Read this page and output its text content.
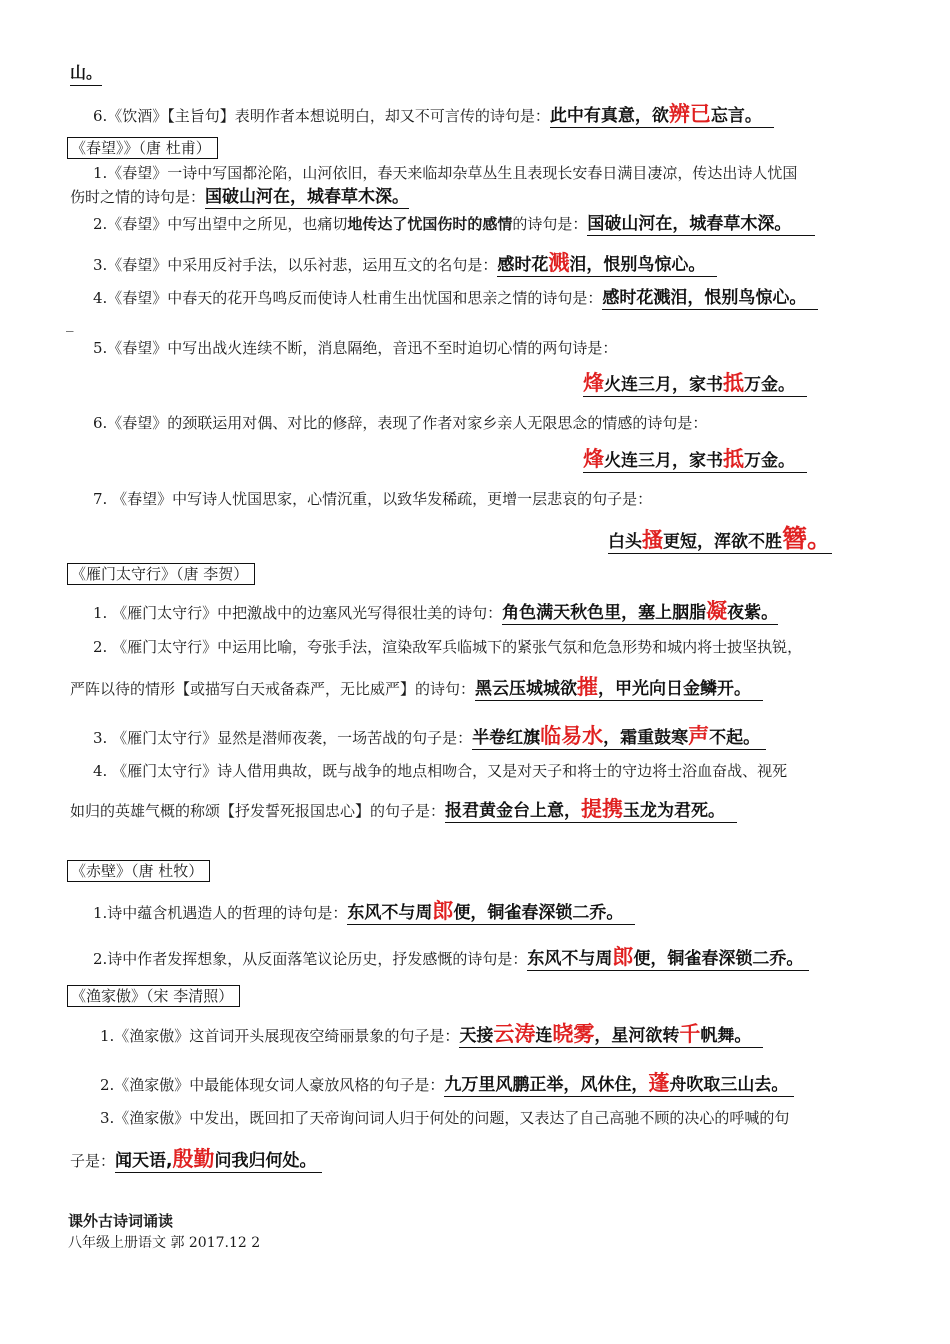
山。
6.《饮酒》【主旨句】表明作者本想说明白，却又不可言传的诗句是：此中有真意，欲辨已忘言。
《春望》》（唐 杜甫）
1.《春望》一诗中写国都沦陷，山河依旧，春天来临却杂草丛生且表现长安春日满目凄凉，传达出诗人忧国
伤时之情的诗句是：国破山河在，城春草木深。
2.《春望》中写出望中之所见，也痛切地传达了忧国伤时的感情的诗句是：国破山河在，城春草木深。
3.《春望》中采用反衬手法，以乐衬悲，运用互文的名句是：感时花溅泪，恨别鸟惊心。
4.《春望》中春天的花开鸟鸣反而使诗人杜甫生出忧国和思亲之情的诗句是：感时花溅泪，恨别鸟惊心。
_
5.《春望》中写出战火连续不断，消息隔绝，音迅不至时迫切心情的两句诗是：
烽火连三月，家书抵万金。
6.《春望》的颈联运用对偶、对比的修辞，表现了作者对家乡亲人无限思念的情感的诗句是：
烽火连三月，家书抵万金。
7. 《春望》中写诗人忧国思家，心情沉重，以致华发稀疏，更增一层悲哀的句子是：
白头搔更短，浑欲不胜簪。
《雁门太守行》（唐 李贺）
1. 《雁门太守行》中把激战中的边塞风光写得很壮美的诗句：角色满天秋色里，塞上胭脂凝夜紫。
2. 《雁门太守行》中运用比喻，夸张手法，渲染敌军兵临城下的紧张气氛和危急形势和城内将士披坚执锐，
严阵以待的情形【或描写白天戒备森严，无比威严】的诗句：黑云压城城欲摧，甲光向日金鳞开。
3. 《雁门太守行》显然是潜师夜袭，一场苦战的句子是：半卷红旗临易水，霜重鼓寒声不起。
4. 《雁门太守行》诗人借用典故，既与战争的地点相吻合，又是对天子和将士的守边将士浴血奋战、视死
如归的英雄气概的称颂【抒发誓死报国忠心】的句子是：报君黄金台上意，提携玉龙为君死。
《赤壁》（唐 杜牧）
1.诗中蕴含机遇造人的哲理的诗句是：东风不与周郎便，铜雀春深锁二乔。
2.诗中作者发挥想象，从反面落笔议论历史，抒发感慨的诗句是：东风不与周郎便，铜雀春深锁二乔。
《渔家傲》（宋 李清照）
1.《渔家傲》这首词开头展现夜空绮丽景象的句子是：天接云涛连晓雾，星河欲转千帆舞。
2.《渔家傲》中最能体现女词人豪放风格的句子是：九万里风鹏正举，风休住，蓬舟吹取三山去。
3.《渔家傲》中发出，既回扣了天帝询问词人归于何处的问题，又表达了自己高驰不顾的决心的呼喊的句
子是：闻天语,殷勤问我归何处。
课外古诗词诵读
八年级上册语文 郭 2017.12 2
